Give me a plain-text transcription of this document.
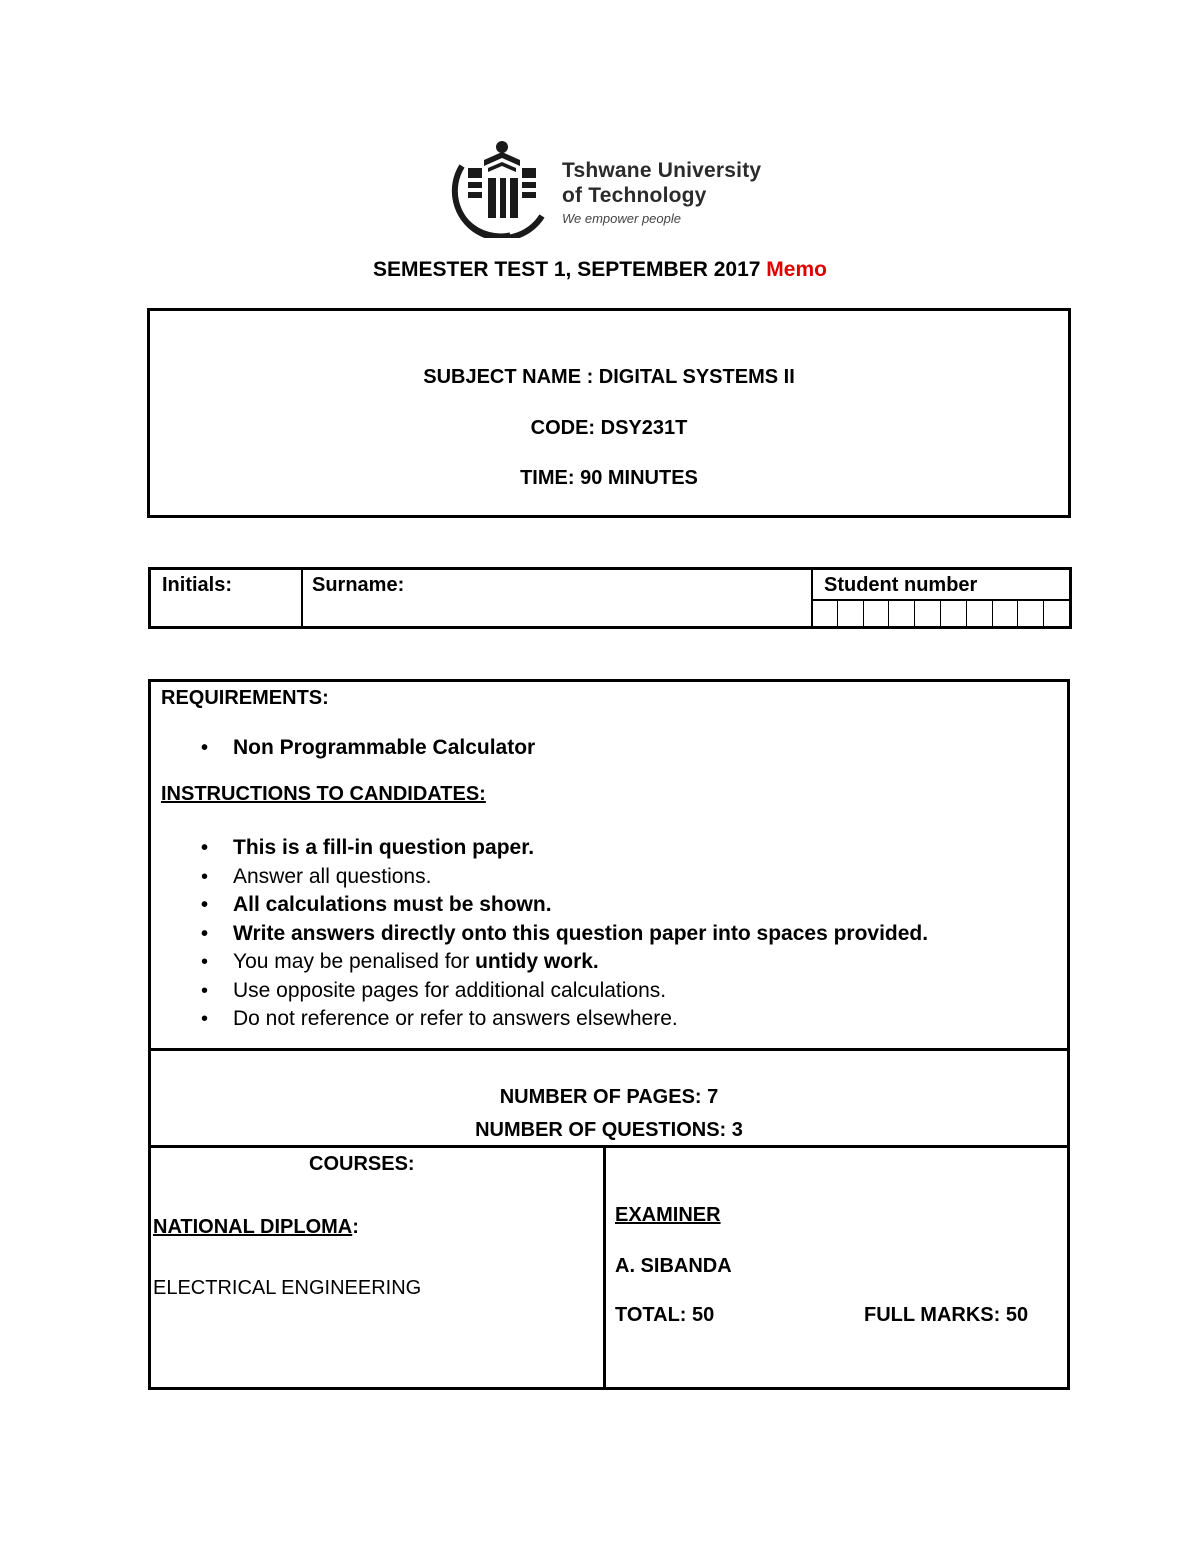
Tshwane University
of Technology
We empower people
SEMESTER TEST 1, SEPTEMBER 2017 Memo
SUBJECT NAME : DIGITAL SYSTEMS II
CODE: DSY231T
TIME: 90 MINUTES
Initials:	Surname:	Student number
REQUIREMENTS:
• Non Programmable Calculator
INSTRUCTIONS TO CANDIDATES:
• This is a fill-in question paper.
• Answer all questions.
• All calculations must be shown.
• Write answers directly onto this question paper into spaces provided.
• You may be penalised for untidy work.
• Use opposite pages for additional calculations.
• Do not reference or refer to answers elsewhere.
NUMBER OF PAGES: 7
NUMBER OF QUESTIONS: 3
COURSES:
NATIONAL DIPLOMA:
ELECTRICAL ENGINEERING
EXAMINER
A. SIBANDA
TOTAL: 50	FULL MARKS: 50
